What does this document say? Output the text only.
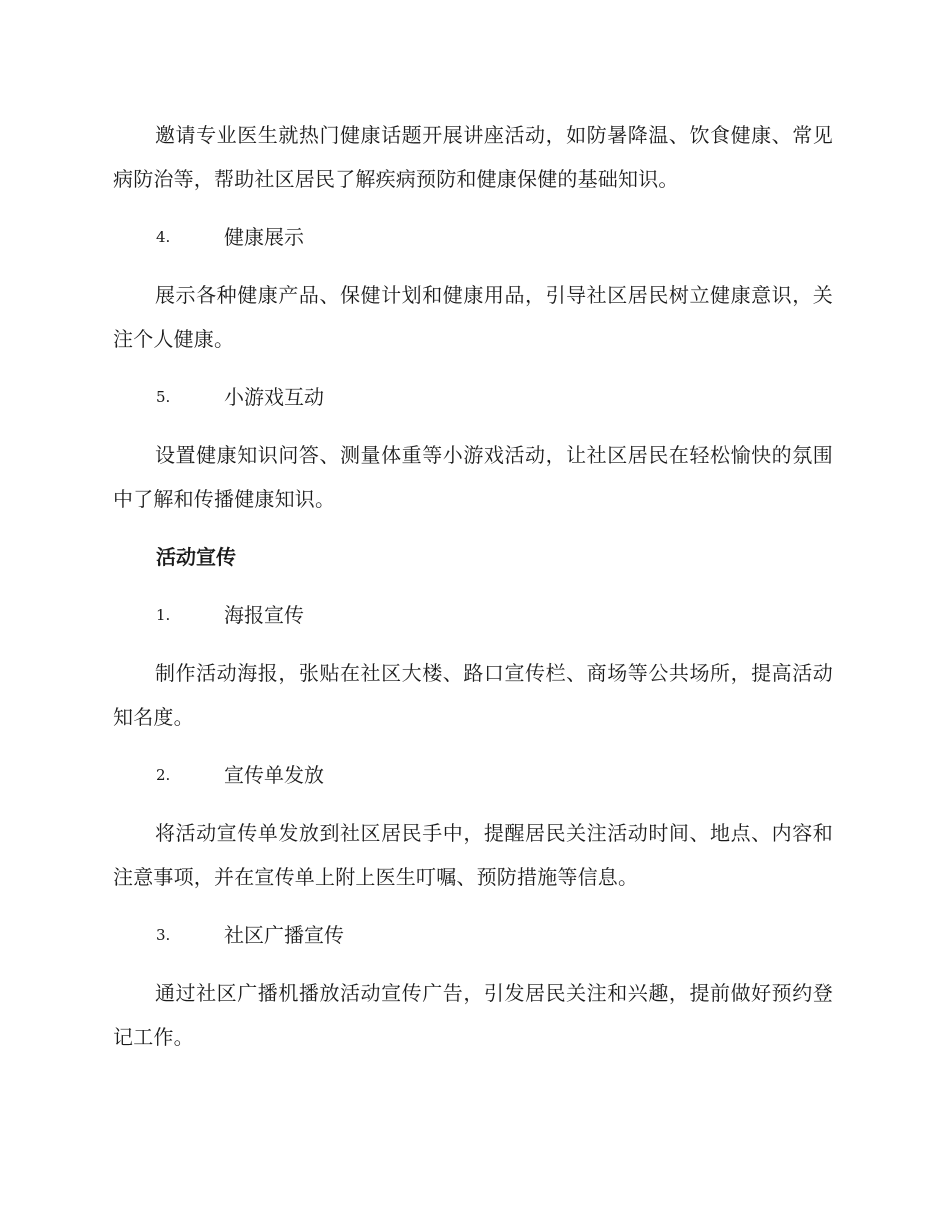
邀请专业医生就热门健康话题开展讲座活动，如防暑降温、饮食健康、常见病防治等，帮助社区居民了解疾病预防和健康保健的基础知识。

4.	健康展示

展示各种健康产品、保健计划和健康用品，引导社区居民树立健康意识，关注个人健康。

5.	小游戏互动

设置健康知识问答、测量体重等小游戏活动，让社区居民在轻松愉快的氛围中了解和传播健康知识。

活动宣传
1.	海报宣传

制作活动海报，张贴在社区大楼、路口宣传栏、商场等公共场所，提高活动知名度。

2.	宣传单发放

将活动宣传单发放到社区居民手中，提醒居民关注活动时间、地点、内容和注意事项，并在宣传单上附上医生叮嘱、预防措施等信息。

3.	社区广播宣传

通过社区广播机播放活动宣传广告，引发居民关注和兴趣，提前做好预约登记工作。
